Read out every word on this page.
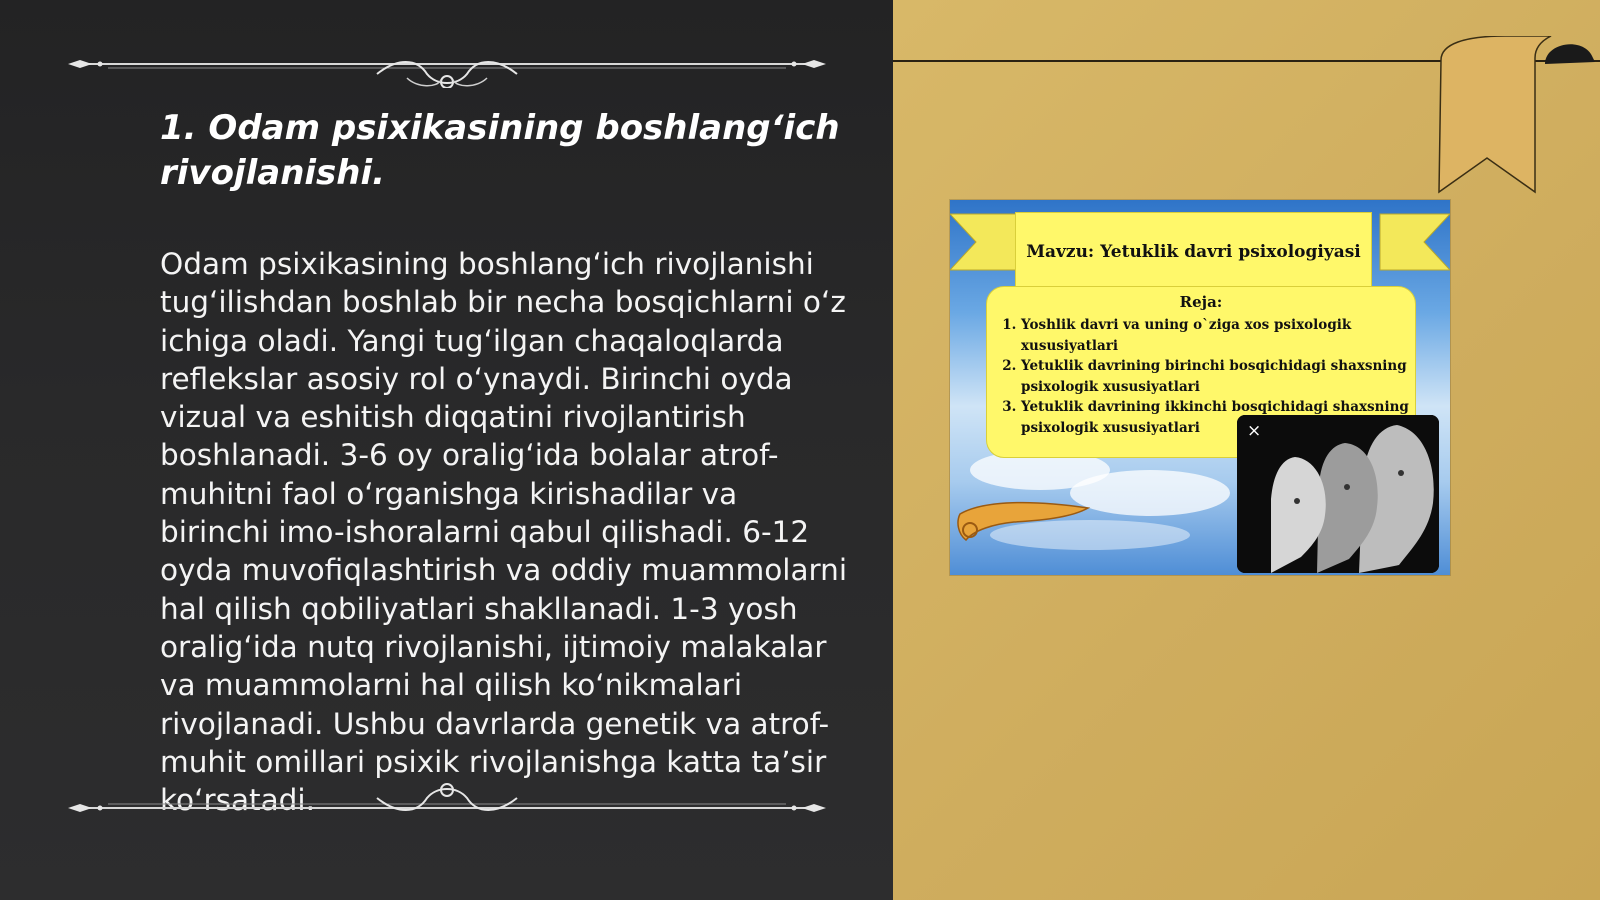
1. Odam psixikasining boshlang‘ich rivojlanishi.

Odam psixikasining boshlang‘ich rivojlanishi tug‘ilishdan boshlab bir necha bosqichlarni o‘z ichiga oladi. Yangi tug‘ilgan chaqaloqlarda reflekslar asosiy rol o‘ynaydi. Birinchi oyda vizual va eshitish diqqatini rivojlantirish boshlanadi. 3-6 oy oralig‘ida bolalar atrof-muhitni faol o‘rganishga kirishadilar va birinchi imo-ishoralarni qabul qilishadi. 6-12 oyda muvofiqlashtirish va oddiy muammolarni hal qilish qobiliyatlari shakllanadi. 1-3 yosh oralig‘ida nutq rivojlanishi, ijtimoiy malakalar va muammolarni hal qilish ko‘nikmalari rivojlanadi. Ushbu davrlarda genetik va atrof-muhit omillari psixik rivojlanishga katta ta’sir ko‘rsatadi.

Mavzu: Yetuklik davri psixologiyasi
Reja:
1. Yoshlik davri va uning o`ziga xos psixologik xususiyatlari
2. Yetuklik davrining birinchi bosqichidagi shaxsning psixologik xususiyatlari
3. Yetuklik davrining ikkinchi bosqichidagi shaxsning psixologik xususiyatlari	×
